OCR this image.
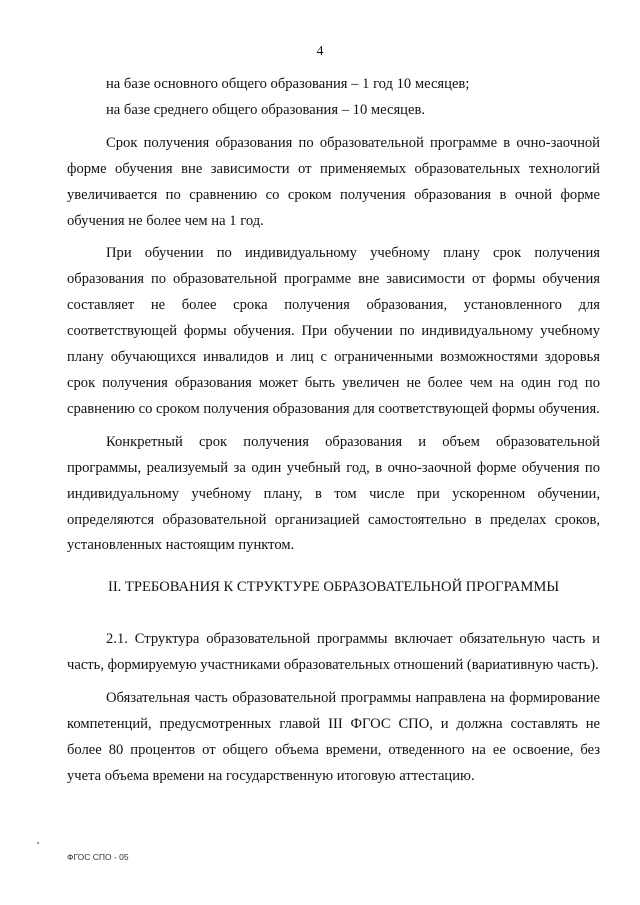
4

на базе основного общего образования – 1 год 10 месяцев;

на базе среднего общего образования – 10 месяцев.

Срок получения образования по образовательной программе в очно-заочной форме обучения вне зависимости от применяемых образовательных технологий увеличивается по сравнению со сроком получения образования в очной форме обучения не более чем на 1 год.

При обучении по индивидуальному учебному плану срок получения образования по образовательной программе вне зависимости от формы обучения составляет не более срока получения образования, установленного для соответствующей формы обучения. При обучении по индивидуальному учебному плану обучающихся инвалидов и лиц с ограниченными возможностями здоровья срок получения образования может быть увеличен не более чем на один год по сравнению со сроком получения образования для соответствующей формы обучения.

Конкретный срок получения образования и объем образовательной программы, реализуемый за один учебный год, в очно-заочной форме обучения по индивидуальному учебному плану, в том числе при ускоренном обучении, определяются образовательной организацией самостоятельно в пределах сроков, установленных настоящим пунктом.

II. ТРЕБОВАНИЯ К СТРУКТУРЕ ОБРАЗОВАТЕЛЬНОЙ ПРОГРАММЫ

2.1. Структура образовательной программы включает обязательную часть и часть, формируемую участниками образовательных отношений (вариативную часть).

Обязательная часть образовательной программы направлена на формирование компетенций, предусмотренных главой III ФГОС СПО, и должна составлять не более 80 процентов от общего объема времени, отведенного на ее освоение, без учета объема времени на государственную итоговую аттестацию.

ФГОС СПО - 05
